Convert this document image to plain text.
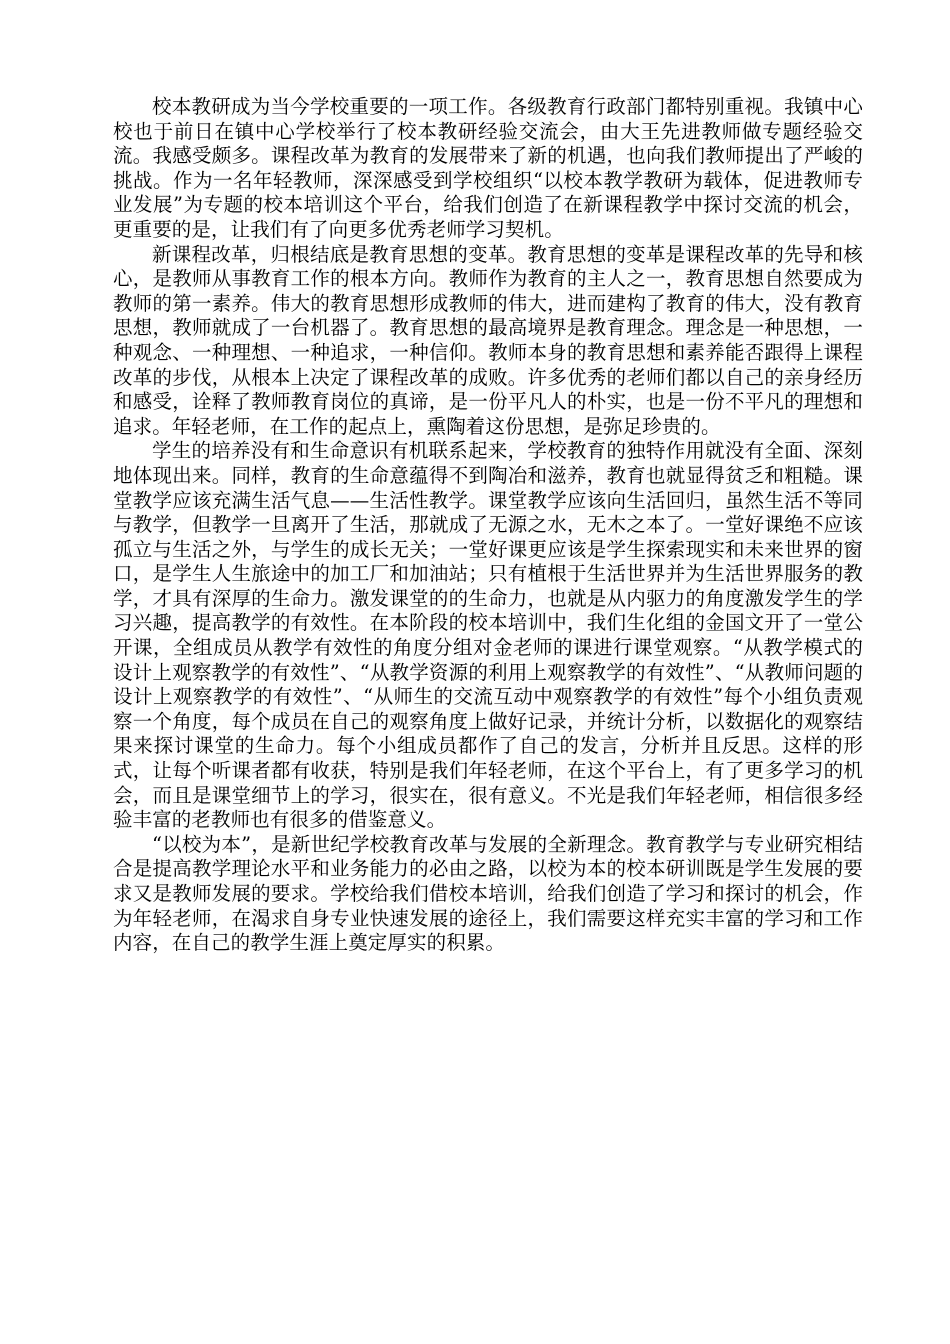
校本教研成为当今学校重要的一项工作。各级教育行政部门都特别重视。我镇中心校也于前日在镇中心学校举行了校本教研经验交流会，由大王先进教师做专题经验交流。我感受颇多。课程改革为教育的发展带来了新的机遇，也向我们教师提出了严峻的挑战。作为一名年轻教师，深深感受到学校组织“以校本教学教研为载体，促进教师专业发展”为专题的校本培训这个平台，给我们创造了在新课程教学中探讨交流的机会，更重要的是，让我们有了向更多优秀老师学习契机。

新课程改革，归根结底是教育思想的变革。教育思想的变革是课程改革的先导和核心，是教师从事教育工作的根本方向。教师作为教育的主人之一，教育思想自然要成为教师的第一素养。伟大的教育思想形成教师的伟大，进而建构了教育的伟大，没有教育思想，教师就成了一台机器了。教育思想的最高境界是教育理念。理念是一种思想，一种观念、一种理想、一种追求，一种信仰。教师本身的教育思想和素养能否跟得上课程改革的步伐，从根本上决定了课程改革的成败。许多优秀的老师们都以自己的亲身经历和感受，诠释了教师教育岗位的真谛，是一份平凡人的朴实，也是一份不平凡的理想和追求。年轻老师，在工作的起点上，熏陶着这份思想，是弥足珍贵的。

学生的培养没有和生命意识有机联系起来，学校教育的独特作用就没有全面、深刻地体现出来。同样，教育的生命意蕴得不到陶冶和滋养，教育也就显得贫乏和粗糙。课堂教学应该充满生活气息——生活性教学。课堂教学应该向生活回归，虽然生活不等同与教学，但教学一旦离开了生活，那就成了无源之水，无木之本了。一堂好课绝不应该孤立与生活之外，与学生的成长无关；一堂好课更应该是学生探索现实和未来世界的窗口，是学生人生旅途中的加工厂和加油站；只有植根于生活世界并为生活世界服务的教学，才具有深厚的生命力。激发课堂的的生命力，也就是从内驱力的角度激发学生的学习兴趣，提高教学的有效性。在本阶段的校本培训中，我们生化组的金国文开了一堂公开课，全组成员从教学有效性的角度分组对金老师的课进行课堂观察。“从教学模式的设计上观察教学的有效性”、“从教学资源的利用上观察教学的有效性”、“从教师问题的设计上观察教学的有效性”、“从师生的交流互动中观察教学的有效性”每个小组负责观察一个角度，每个成员在自己的观察角度上做好记录，并统计分析，以数据化的观察结果来探讨课堂的生命力。每个小组成员都作了自己的发言，分析并且反思。这样的形式，让每个听课者都有收获，特别是我们年轻老师，在这个平台上，有了更多学习的机会，而且是课堂细节上的学习，很实在，很有意义。不光是我们年轻老师，相信很多经验丰富的老教师也有很多的借鉴意义。

“以校为本”，是新世纪学校教育改革与发展的全新理念。教育教学与专业研究相结合是提高教学理论水平和业务能力的必由之路，以校为本的校本研训既是学生发展的要求又是教师发展的要求。学校给我们借校本培训，给我们创造了学习和探讨的机会，作为年轻老师，在渴求自身专业快速发展的途径上，我们需要这样充实丰富的学习和工作内容，在自己的教学生涯上奠定厚实的积累。
